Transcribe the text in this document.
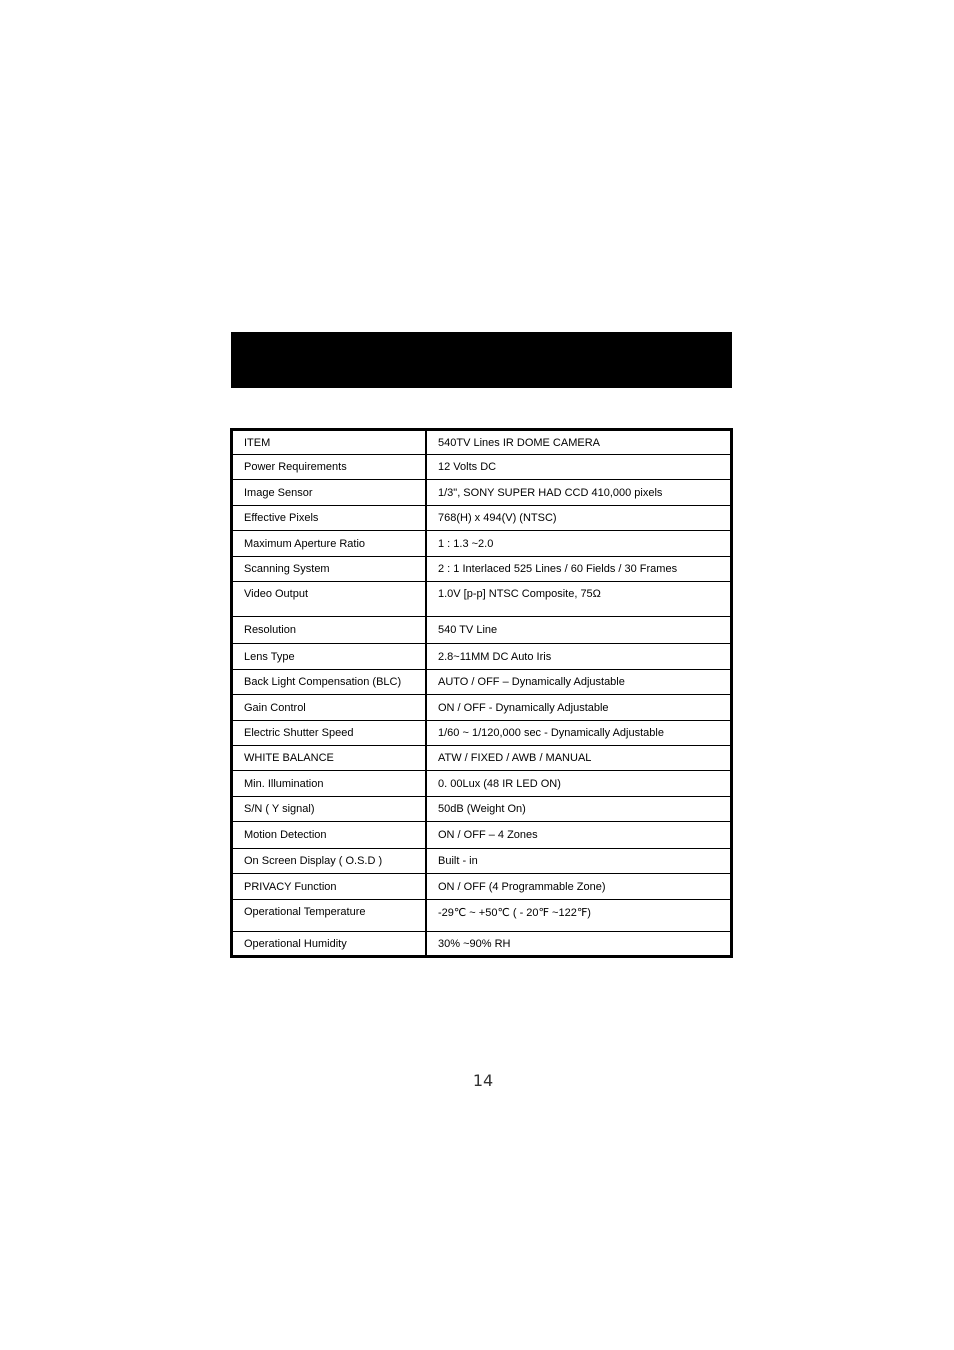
ITEM	540TV Lines IR DOME CAMERA
Power Requirements	12 Volts DC
Image Sensor	1/3", SONY SUPER HAD CCD 410,000 pixels
Effective Pixels	768(H) x 494(V) (NTSC)
Maximum Aperture Ratio	1 : 1.3 ~2.0
Scanning System	2 : 1 Interlaced 525 Lines / 60 Fields / 30 Frames
Video Output	1.0V [p-p] NTSC Composite, 75Ω
Resolution	540 TV Line
Lens Type	2.8~11MM DC Auto Iris
Back Light Compensation (BLC)	AUTO / OFF – Dynamically Adjustable
Gain Control	ON / OFF - Dynamically Adjustable
Electric Shutter Speed	1/60 ~ 1/120,000 sec - Dynamically Adjustable
WHITE BALANCE	ATW / FIXED / AWB / MANUAL
Min. Illumination	0. 00Lux (48 IR LED ON)
S/N ( Y signal)	50dB (Weight On)
Motion Detection	ON / OFF – 4 Zones
On Screen Display ( O.S.D )	Built - in
PRIVACY Function	ON / OFF (4 Programmable Zone)
Operational Temperature	-29℃ ~ +50℃ ( - 20℉ ~122℉)
Operational Humidity	30% ~90% RH
14
